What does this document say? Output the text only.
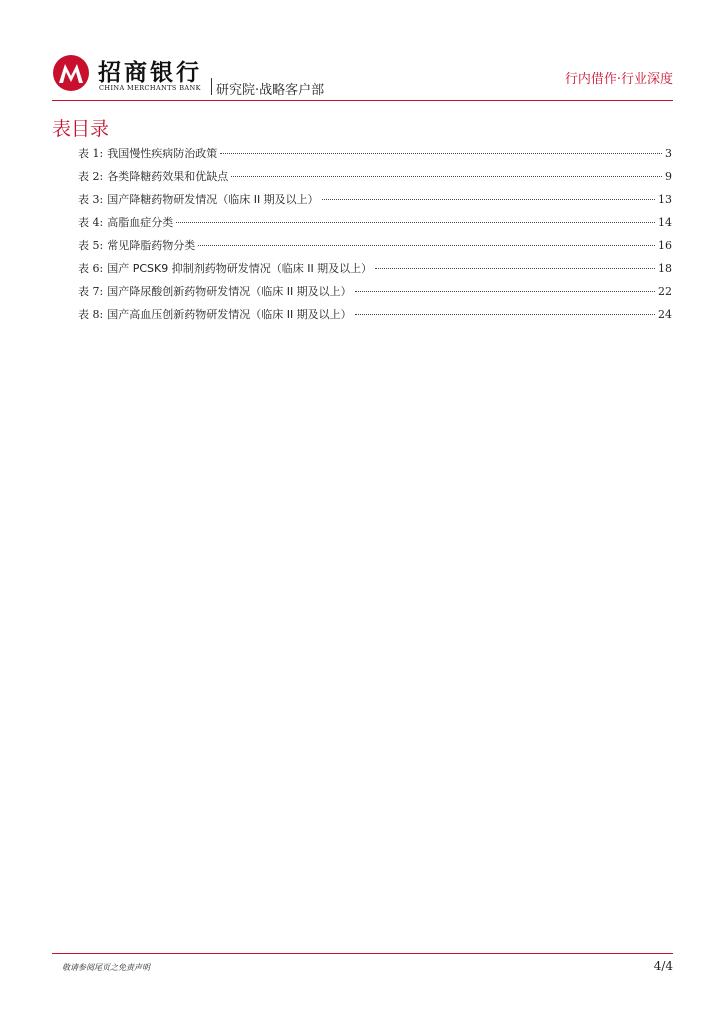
招商银行
CHINA MERCHANTS BANK 研究院·战略客户部
行内借作·行业深度
表目录
表 1: 我国慢性疾病防治政策	3
表 2: 各类降糖药效果和优缺点	9
表 3: 国产降糖药物研发情况（临床 II 期及以上）	13
表 4: 高脂血症分类	14
表 5: 常见降脂药物分类	16
表 6: 国产 PCSK9 抑制剂药物研发情况（临床 II 期及以上）	18
表 7: 国产降尿酸创新药物研发情况（临床 II 期及以上）	22
表 8: 国产高血压创新药物研发情况（临床 II 期及以上）	24
敬请参阅尾页之免责声明	4/4
